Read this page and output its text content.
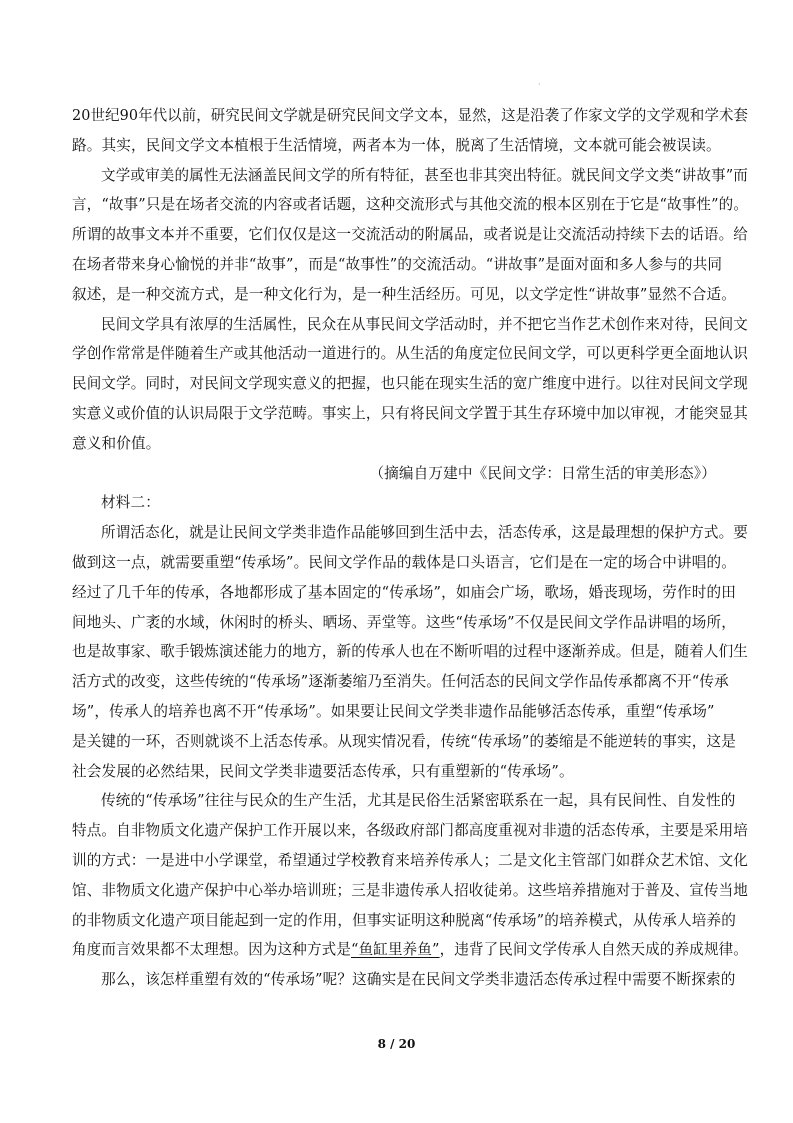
·
20世纪90年代以前，研究民间文学就是研究民间文学文本，显然，这是沿袭了作家文学的文学观和学术套
路。其实，民间文学文本植根于生活情境，两者本为一体，脱离了生活情境，文本就可能会被误读。
文学或审美的属性无法涵盖民间文学的所有特征，甚至也非其突出特征。就民间文学文类“讲故事”而
言，“故事”只是在场者交流的内容或者话题，这种交流形式与其他交流的根本区别在于它是“故事性”的。
所谓的故事文本并不重要，它们仅仅是这一交流活动的附属品，或者说是让交流活动持续下去的话语。给
在场者带来身心愉悦的并非“故事”，而是“故事性”的交流活动。“讲故事”是面对面和多人参与的共同
叙述，是一种交流方式，是一种文化行为，是一种生活经历。可见，以文学定性“讲故事”显然不合适。
民间文学具有浓厚的生活属性，民众在从事民间文学活动时，并不把它当作艺术创作来对待，民间文
学创作常常是伴随着生产或其他活动一道进行的。从生活的角度定位民间文学，可以更科学更全面地认识
民间文学。同时，对民间文学现实意义的把握，也只能在现实生活的宽广维度中进行。以往对民间文学现
实意义或价值的认识局限于文学范畴。事实上，只有将民间文学置于其生存环境中加以审视，才能突显其
意义和价值。
（摘编自万建中《民间文学：日常生活的审美形态》）
材料二：
所谓活态化，就是让民间文学类非造作品能够回到生活中去，活态传承，这是最理想的保护方式。要
做到这一点，就需要重塑“传承场”。民间文学作品的载体是口头语言，它们是在一定的场合中讲唱的。
经过了几千年的传承，各地都形成了基本固定的“传承场”，如庙会广场，歌场，婚丧现场，劳作时的田
间地头、广袤的水域，休闲时的桥头、晒场、弄堂等。这些“传承场”不仅是民间文学作品讲唱的场所，
也是故事家、歌手锻炼演述能力的地方，新的传承人也在不断听唱的过程中逐渐养成。但是，随着人们生
活方式的改变，这些传统的“传承场”逐渐萎缩乃至消失。任何活态的民间文学作品传承都离不开“传承
场”，传承人的培养也离不开“传承场”。如果要让民间文学类非遗作品能够活态传承，重塑“传承场”
是关键的一环，否则就谈不上活态传承。从现实情况看，传统“传承场”的萎缩是不能逆转的事实，这是
社会发展的必然结果，民间文学类非遗要活态传承，只有重塑新的“传承场”。
传统的“传承场”往往与民众的生产生活，尤其是民俗生活紧密联系在一起，具有民间性、自发性的
特点。自非物质文化遗产保护工作开展以来，各级政府部门都高度重视对非遗的活态传承，主要是采用培
训的方式：一是进中小学课堂，希望通过学校教育来培养传承人；二是文化主管部门如群众艺术馆、文化
馆、非物质文化遗产保护中心举办培训班；三是非遗传承人招收徒弟。这些培养措施对于普及、宣传当地
的非物质文化遗产项目能起到一定的作用，但事实证明这种脱离“传承场”的培养模式，从传承人培养的
角度而言效果都不太理想。因为这种方式是“鱼缸里养鱼”，违背了民间文学传承人自然天成的养成规律。
那么，该怎样重塑有效的“传承场”呢？这确实是在民间文学类非遗活态传承过程中需要不断探索的
8 / 20
